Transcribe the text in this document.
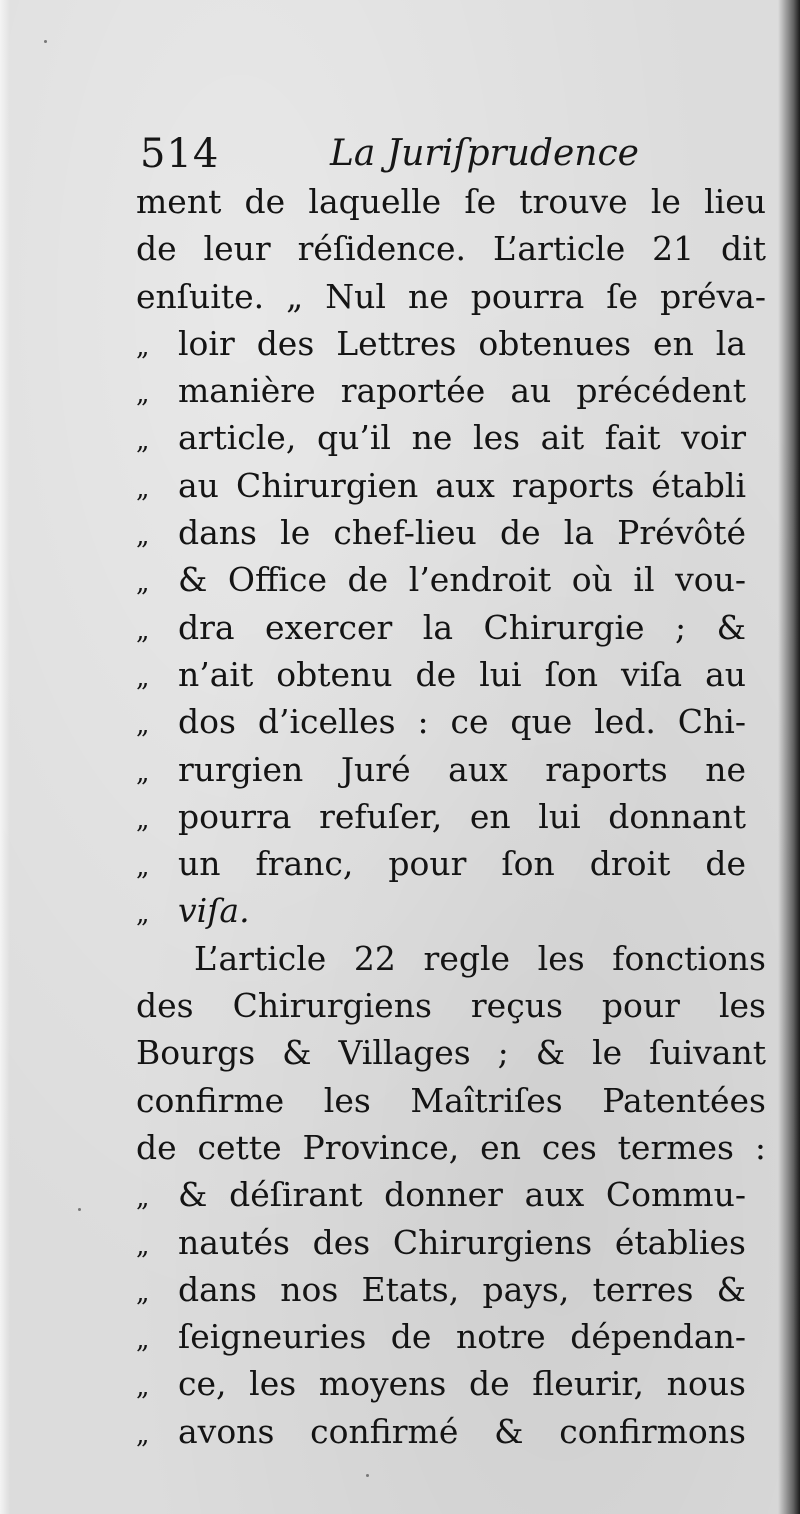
514	La Juriſprudence
ment de laquelle ſe trouve le lieu
de leur réſidence. L’article 21 dit
enſuite. „ Nul ne pourra ſe préva-
„ loir des Lettres obtenues en la
„ manière raportée au précédent
„ article, qu’il ne les ait fait voir
„ au Chirurgien aux raports établi
„ dans le chef-lieu de la Prévôté
„ & Office de l’endroit où il vou-
„ dra exercer la Chirurgie ; &
„ n’ait obtenu de lui ſon viſa au
„ dos d’icelles : ce que led. Chi-
„ rurgien Juré aux raports ne
„ pourra refuſer, en lui donnant
„ un franc, pour ſon droit de
„ viſa.
L’article 22 regle les fonctions
des Chirurgiens reçus pour les
Bourgs & Villages ; & le ſuivant
confirme les Maîtriſes Patentées
de cette Province, en ces termes :
„ & déſirant donner aux Commu-
„ nautés des Chirurgiens établies
„ dans nos Etats, pays, terres &
„ ſeigneuries de notre dépendan-
„ ce, les moyens de fleurir, nous
„ avons confirmé & confirmons
